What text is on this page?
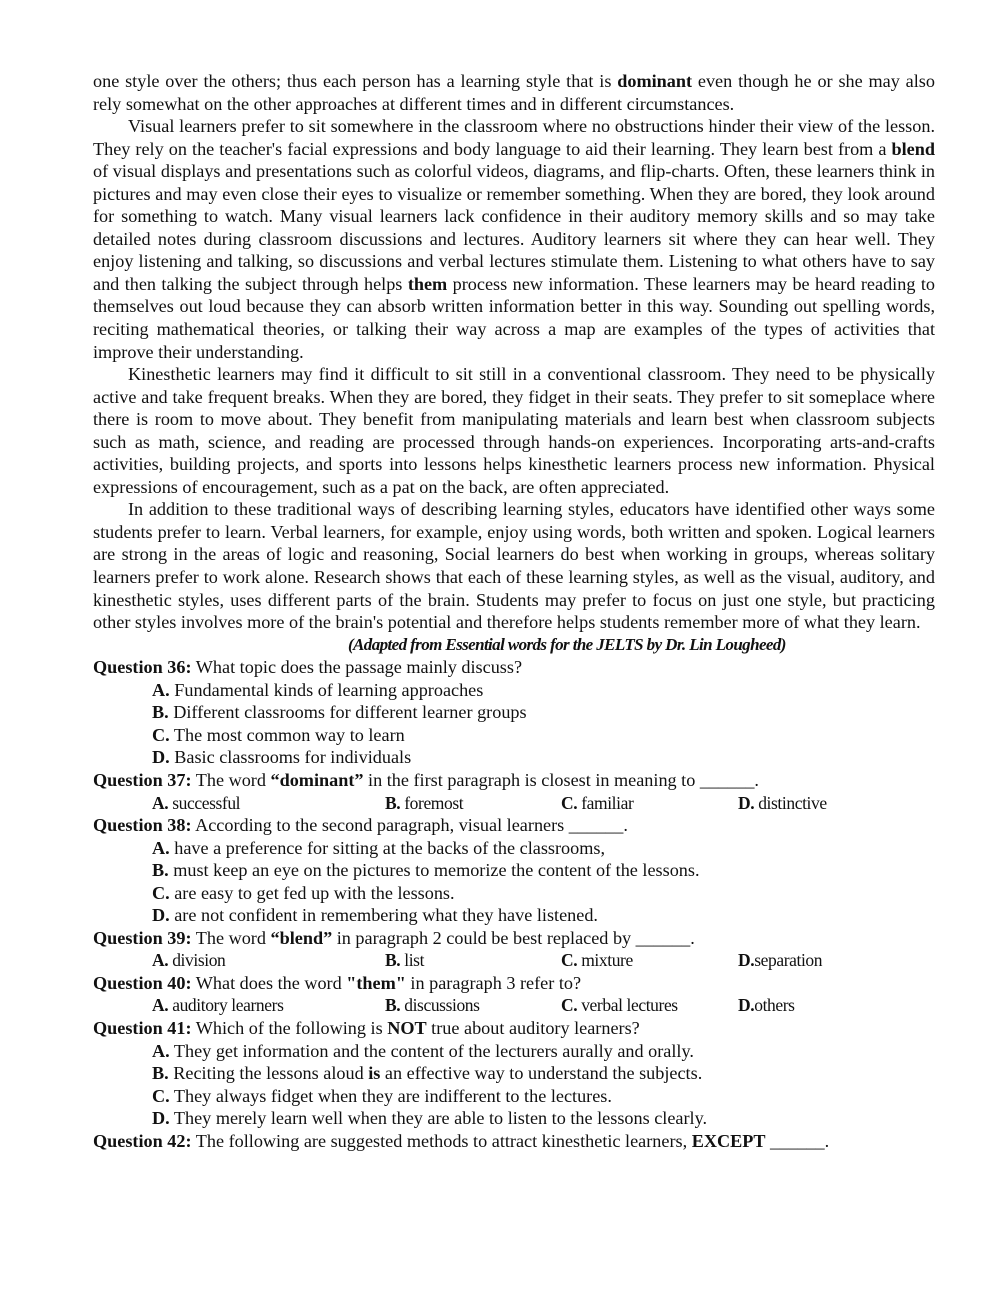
one style over the others; thus each person has a learning style that is dominant even though he or she may also rely somewhat on the other approaches at different times and in different circumstances.
Visual learners prefer to sit somewhere in the classroom where no obstructions hinder their view of the lesson. They rely on the teacher's facial expressions and body language to aid their learning. They learn best from a blend of visual displays and presentations such as colorful videos, diagrams, and flip-charts. Often, these learners think in pictures and may even close their eyes to visualize or remember something. When they are bored, they look around for something to watch. Many visual learners lack confidence in their auditory memory skills and so may take detailed notes during classroom discussions and lectures. Auditory learners sit where they can hear well. They enjoy listening and talking, so discussions and verbal lectures stimulate them. Listening to what others have to say and then talking the subject through helps them process new information. These learners may be heard reading to themselves out loud because they can absorb written information better in this way. Sounding out spelling words, reciting mathematical theories, or talking their way across a map are examples of the types of activities that improve their understanding.
Kinesthetic learners may find it difficult to sit still in a conventional classroom. They need to be physically active and take frequent breaks. When they are bored, they fidget in their seats. They prefer to sit someplace where there is room to move about. They benefit from manipulating materials and learn best when classroom subjects such as math, science, and reading are processed through hands-on experiences. Incorporating arts-and-crafts activities, building projects, and sports into lessons helps kinesthetic learners process new information. Physical expressions of encouragement, such as a pat on the back, are often appreciated.
In addition to these traditional ways of describing learning styles, educators have identified other ways some students prefer to learn. Verbal learners, for example, enjoy using words, both written and spoken. Logical learners are strong in the areas of logic and reasoning, Social learners do best when working in groups, whereas solitary learners prefer to work alone. Research shows that each of these learning styles, as well as the visual, auditory, and kinesthetic styles, uses different parts of the brain. Students may prefer to focus on just one style, but practicing other styles involves more of the brain's potential and therefore helps students remember more of what they learn.
(Adapted from Essential words for the JELTS by Dr. Lin Lougheed)
Question 36: What topic does the passage mainly discuss?
A. Fundamental kinds of learning approaches
B. Different classrooms for different learner groups
C. The most common way to learn
D. Basic classrooms for individuals
Question 37: The word “dominant” in the first paragraph is closest in meaning to ______.
A. successful	B. foremost	C. familiar	D. distinctive
Question 38: According to the second paragraph, visual learners ______.
A. have a preference for sitting at the backs of the classrooms,
B. must keep an eye on the pictures to memorize the content of the lessons.
C. are easy to get fed up with the lessons.
D. are not confident in remembering what they have listened.
Question 39: The word “blend” in paragraph 2 could be best replaced by ______.
A. division	B. list	C. mixture	D.separation
Question 40: What does the word "them" in paragraph 3 refer to?
A. auditory learners	B. discussions	C. verbal lectures	D.others
Question 41: Which of the following is NOT true about auditory learners?
A. They get information and the content of the lecturers aurally and orally.
B. Reciting the lessons aloud is an effective way to understand the subjects.
C. They always fidget when they are indifferent to the lectures.
D. They merely learn well when they are able to listen to the lessons clearly.
Question 42: The following are suggested methods to attract kinesthetic learners, EXCEPT ______.
